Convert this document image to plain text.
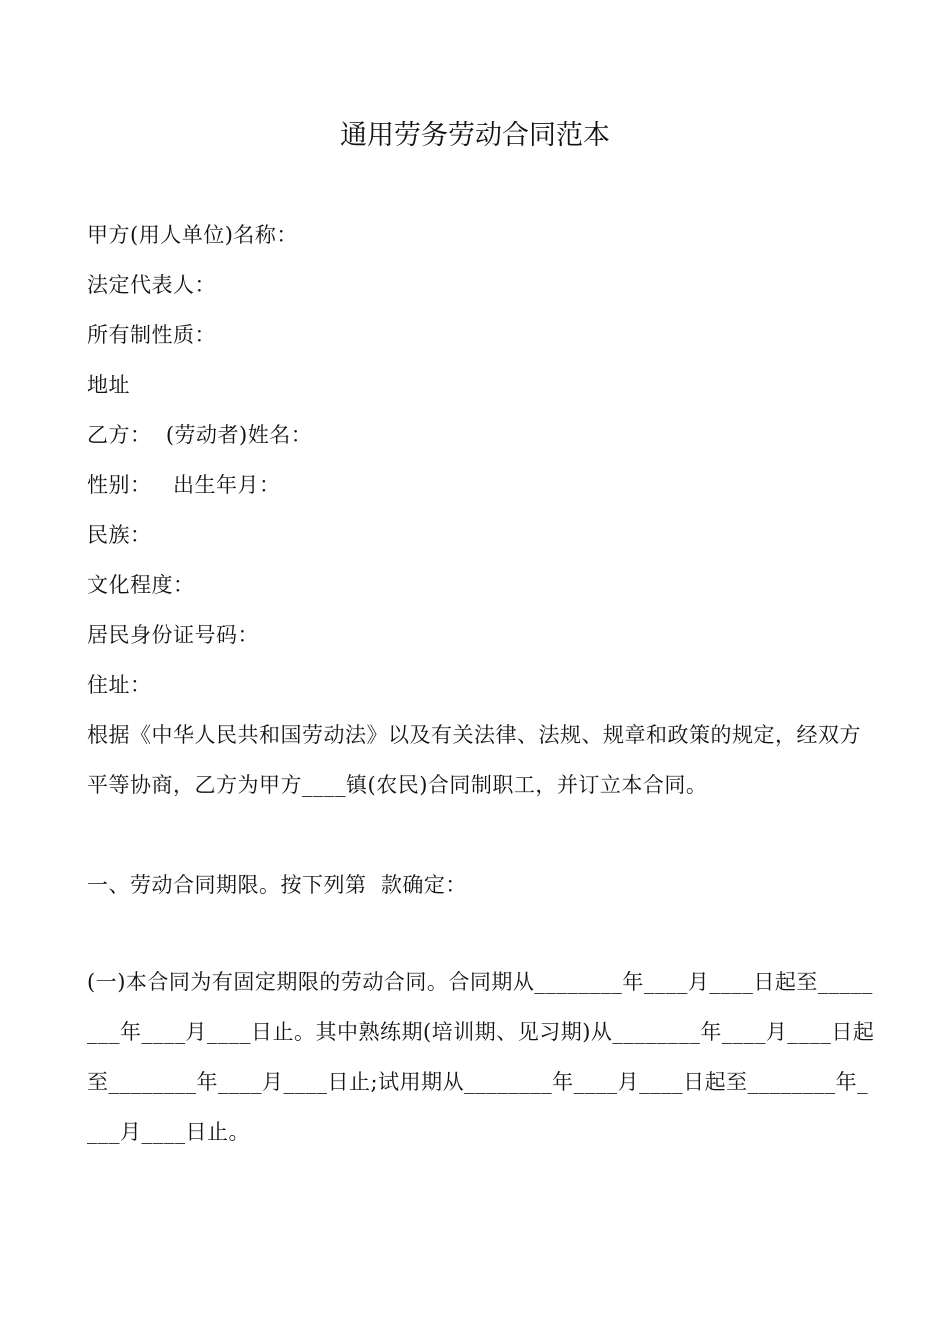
通用劳务劳动合同范本
甲方(用人单位)名称：
法定代表人：
所有制性质：
地址
乙方：  (劳动者)姓名：
性别：   出生年月：
民族：
文化程度：
居民身份证号码：
住址：
根据《中华人民共和国劳动法》以及有关法律、法规、规章和政策的规定，经双方平等协商，乙方为甲方____镇(农民)合同制职工，并订立本合同。
一、劳动合同期限。按下列第  款确定：
(一)本合同为有固定期限的劳动合同。合同期从________年____月____日起至________年____月____日止。其中熟练期(培训期、见习期)从________年____月____日起至________年____月____日止;试用期从________年____月____日起至________年____月____日止。
